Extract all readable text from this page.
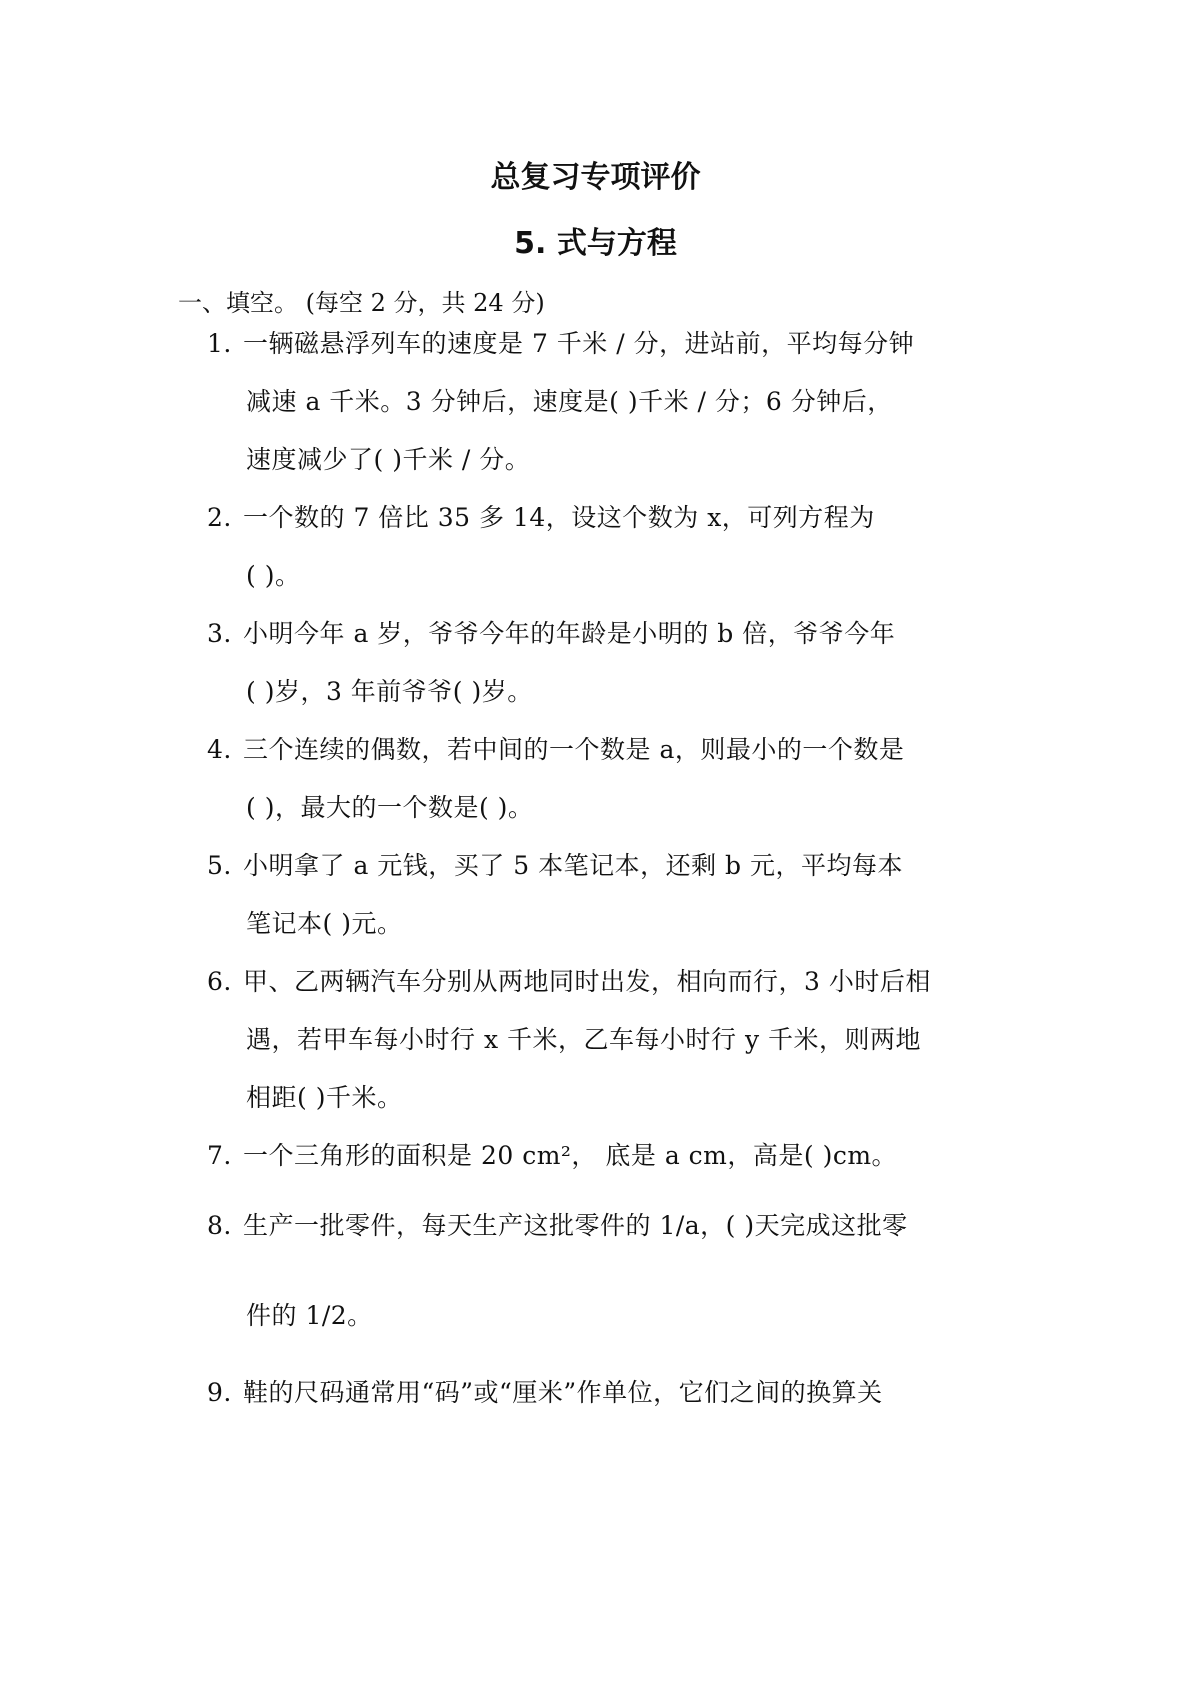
总复习专项评价
5. 式与方程
一、填空。 (每空 2 分，共 24 分)
1. 一辆磁悬浮列车的速度是 7 千米 / 分，进站前，平均每分钟
减速 a 千米。3 分钟后，速度是( )千米 / 分；6 分钟后，
速度减少了( )千米 / 分。
2. 一个数的 7 倍比 35 多 14，设这个数为 x，可列方程为
( )。
3. 小明今年 a 岁，爷爷今年的年龄是小明的 b 倍，爷爷今年
( )岁，3 年前爷爷( )岁。
4. 三个连续的偶数，若中间的一个数是 a，则最小的一个数是
( )，最大的一个数是( )。
5. 小明拿了 a 元钱，买了 5 本笔记本，还剩 b 元，平均每本
笔记本( )元。
6. 甲、乙两辆汽车分别从两地同时出发，相向而行，3 小时后相
遇，若甲车每小时行 x 千米，乙车每小时行 y 千米，则两地
相距( )千米。
7. 一个三角形的面积是 20 cm²， 底是 a cm，高是( )cm。
8. 生产一批零件，每天生产这批零件的 1/a，( )天完成这批零
件的 1/2。
9. 鞋的尺码通常用“码”或“厘米”作单位，它们之间的换算关
